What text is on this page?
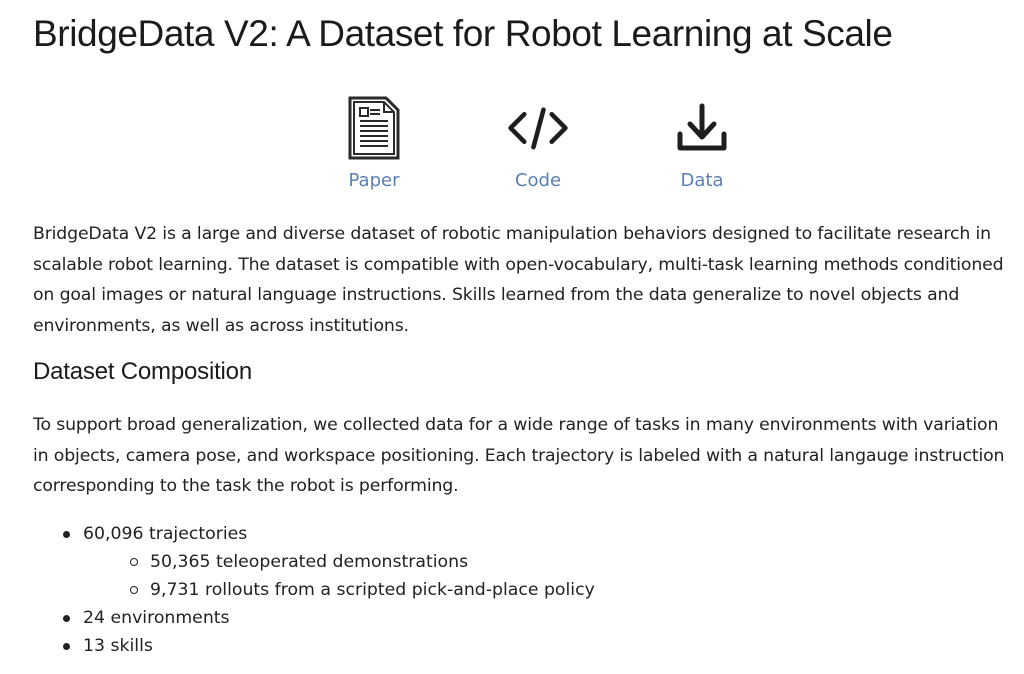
BridgeData V2: A Dataset for Robot Learning at Scale
Paper	Code	Data

BridgeData V2 is a large and diverse dataset of robotic manipulation behaviors designed to facilitate research in scalable robot learning. The dataset is compatible with open-vocabulary, multi-task learning methods conditioned on goal images or natural language instructions. Skills learned from the data generalize to novel objects and environments, as well as across institutions.

Dataset Composition

To support broad generalization, we collected data for a wide range of tasks in many environments with variation in objects, camera pose, and workspace positioning. Each trajectory is labeled with a natural langauge instruction corresponding to the task the robot is performing.

60,096 trajectories
50,365 teleoperated demonstrations
9,731 rollouts from a scripted pick-and-place policy
24 environments
13 skills
